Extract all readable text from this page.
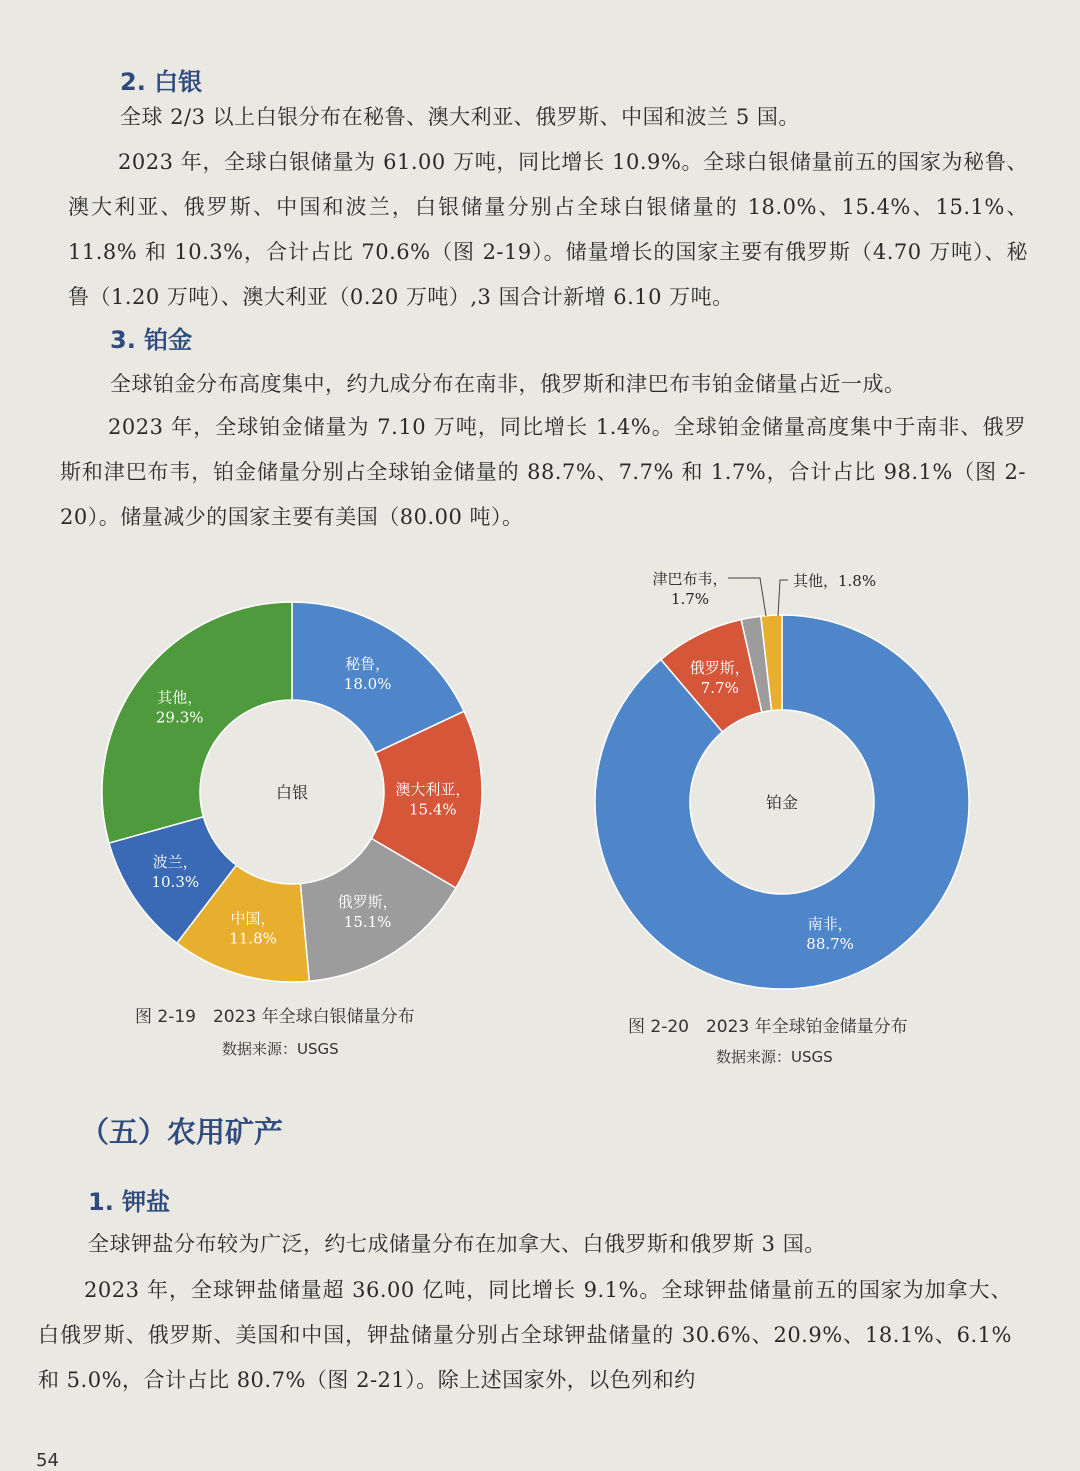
2. 白银

全球 2/3 以上白银分布在秘鲁、澳大利亚、俄罗斯、中国和波兰 5 国。

2023 年，全球白银储量为 61.00 万吨，同比增长 10.9%。全球白银储量前五的国家为秘鲁、澳大利亚、俄罗斯、中国和波兰，白银储量分别占全球白银储量的 18.0%、15.4%、15.1%、11.8% 和 10.3%，合计占比 70.6%（图 2-19）。储量增长的国家主要有俄罗斯（4.70 万吨）、秘鲁（1.20 万吨）、澳大利亚（0.20 万吨）,3 国合计新增 6.10 万吨。

3. 铂金

全球铂金分布高度集中，约九成分布在南非，俄罗斯和津巴布韦铂金储量占近一成。

2023 年，全球铂金储量为 7.10 万吨，同比增长 1.4%。全球铂金储量高度集中于南非、俄罗斯和津巴布韦，铂金储量分别占全球铂金储量的 88.7%、7.7% 和 1.7%，合计占比 98.1%（图 2-20）。储量减少的国家主要有美国（80.00 吨）。

白银
秘鲁，
18.0%
澳大利亚，
15.4%
俄罗斯，
15.1%
中国，
11.8%
波兰，
10.3%
其他，
29.3%
图 2-19　2023 年全球白银储量分布
数据来源：USGS
铂金
南非，
88.7%
俄罗斯，
7.7%
津巴布韦，
1.7%
其他，1.8%
图 2-20　2023 年全球铂金储量分布
数据来源：USGS
（五）农用矿产
1. 钾盐

全球钾盐分布较为广泛，约七成储量分布在加拿大、白俄罗斯和俄罗斯 3 国。

2023 年，全球钾盐储量超 36.00 亿吨，同比增长 9.1%。全球钾盐储量前五的国家为加拿大、白俄罗斯、俄罗斯、美国和中国，钾盐储量分别占全球钾盐储量的 30.6%、20.9%、18.1%、6.1% 和 5.0%，合计占比 80.7%（图 2-21）。除上述国家外，以色列和约

54
